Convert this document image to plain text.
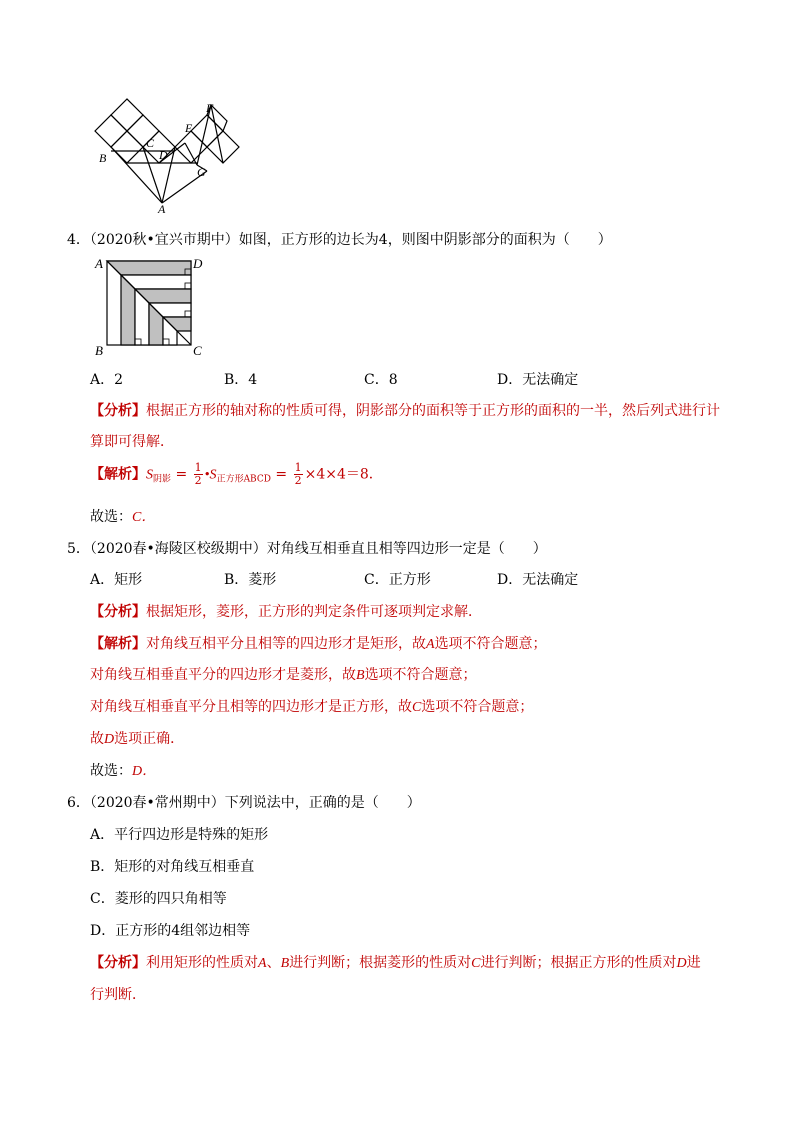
B
C
D
E
F
G
A
4．（2020秋•宜兴市期中）如图，正方形的边长为4，则图中阴影部分的面积为（　　）
A	D
B	C
A．2	B．4	C．8	D．无法确定
【分析】根据正方形的轴对称的性质可得，阴影部分的面积等于正方形的面积的一半，然后列式进行计
算即可得解．
【解析】$S_{阴影} = \frac{1}{2}$ $•S_{正方形ABCD} = \frac{1}{2} \times 4\times 4=8$．
故选：C．
5．（2020春•海陵区校级期中）对角线互相垂直且相等四边形一定是（　　）
A．矩形	B．菱形	C．正方形	D．无法确定
【分析】根据矩形，菱形，正方形的判定条件可逐项判定求解．
【解析】对角线互相平分且相等的四边形才是矩形，故A选项不符合题意；
对角线互相垂直平分的四边形才是菱形，故B选项不符合题意；
对角线互相垂直平分且相等的四边形才是正方形，故C选项不符合题意；
故D选项正确．
故选：D．
6．（2020春•常州期中）下列说法中，正确的是（　　）
A．平行四边形是特殊的矩形
B．矩形的对角线互相垂直
C．菱形的四只角相等
D．正方形的4组邻边相等
【分析】利用矩形的性质对A、B进行判断；根据菱形的性质对C进行判断；根据正方形的性质对D进
行判断．
